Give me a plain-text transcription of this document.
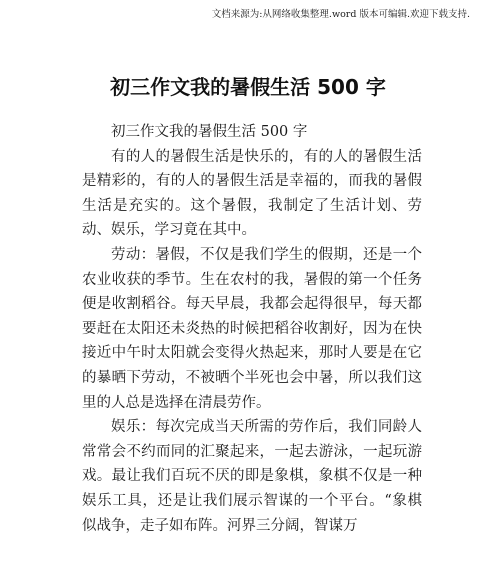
文档来源为:从网络收集整理.word 版本可编辑.欢迎下载支持.
初三作文我的暑假生活 500 字

初三作文我的暑假生活 500 字

有的人的暑假生活是快乐的，有的人的暑假生活是精彩的，有的人的暑假生活是幸福的，而我的暑假生活是充实的。这个暑假，我制定了生活计划、劳动、娱乐，学习竟在其中。

劳动：暑假，不仅是我们学生的假期，还是一个农业收获的季节。生在农村的我，暑假的第一个任务便是收割稻谷。每天早晨，我都会起得很早，每天都要赶在太阳还未炎热的时候把稻谷收割好，因为在快接近中午时太阳就会变得火热起来，那时人要是在它的暴晒下劳动，不被晒个半死也会中暑，所以我们这里的人总是选择在清晨劳作。

娱乐：每次完成当天所需的劳作后，我们同龄人常常会不约而同的汇聚起来，一起去游泳，一起玩游戏。最让我们百玩不厌的即是象棋，象棋不仅是一种娱乐工具，还是让我们展示智谋的一个平台。“象棋似战争，走子如布阵。河界三分阔，智谋万
